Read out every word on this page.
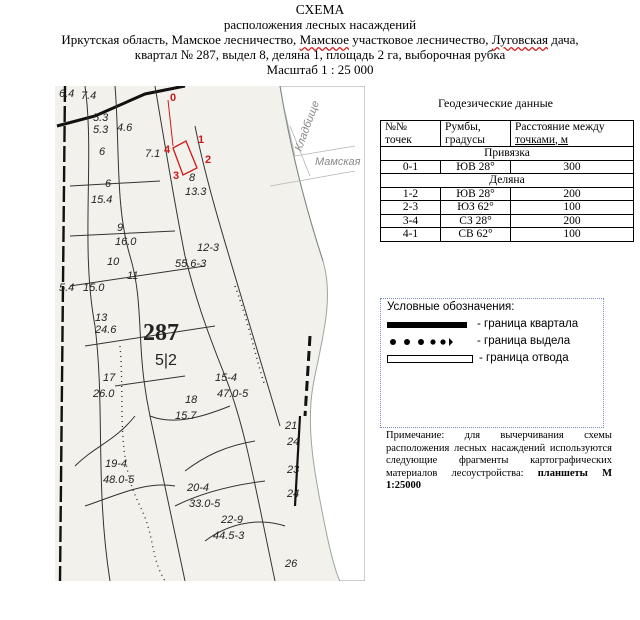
СХЕМА
расположения лесных насаждений
Иркутская область, Мамское лесничество, Мамское участковое лесничество, Луговская дача,
квартал № 287, выдел 8, деляна 1, площадь 2 га, выборочная рубка
Масштаб 1 : 25 000
0
1
2
3
4
6.4
5.3
7.4
5.3 4.6
6	7.1
6
15.4
9
16.0
10
11
5.4 15.0
13
24.6
12-3
55.6-3
8
13.3
17
26.0
15-4
47.0-5
18
15.7
19-4
48.0-5
20-4
33.0-5
22-9
44.5-3
21
24
23
24
26
Кладбище
Мамская
287
5|2
Геодезические данные
№№ точек	Румбы, градусы	Расстояние между
точками, м
Привязка		
0-1	ЮВ 28°	300
Деляна		
1-2	ЮВ 28°	200
2-3	ЮЗ 62°	100
3-4	СЗ 28°	200
4-1	СВ 62°	100
Условные обозначения:
- граница квартала
- граница выдела
- граница отвода
Примечание: для вычерчивания схемы расположения лесных насаждений используются следующие фрагменты картографических материалов лесоустройства: планшеты М 1:25000
